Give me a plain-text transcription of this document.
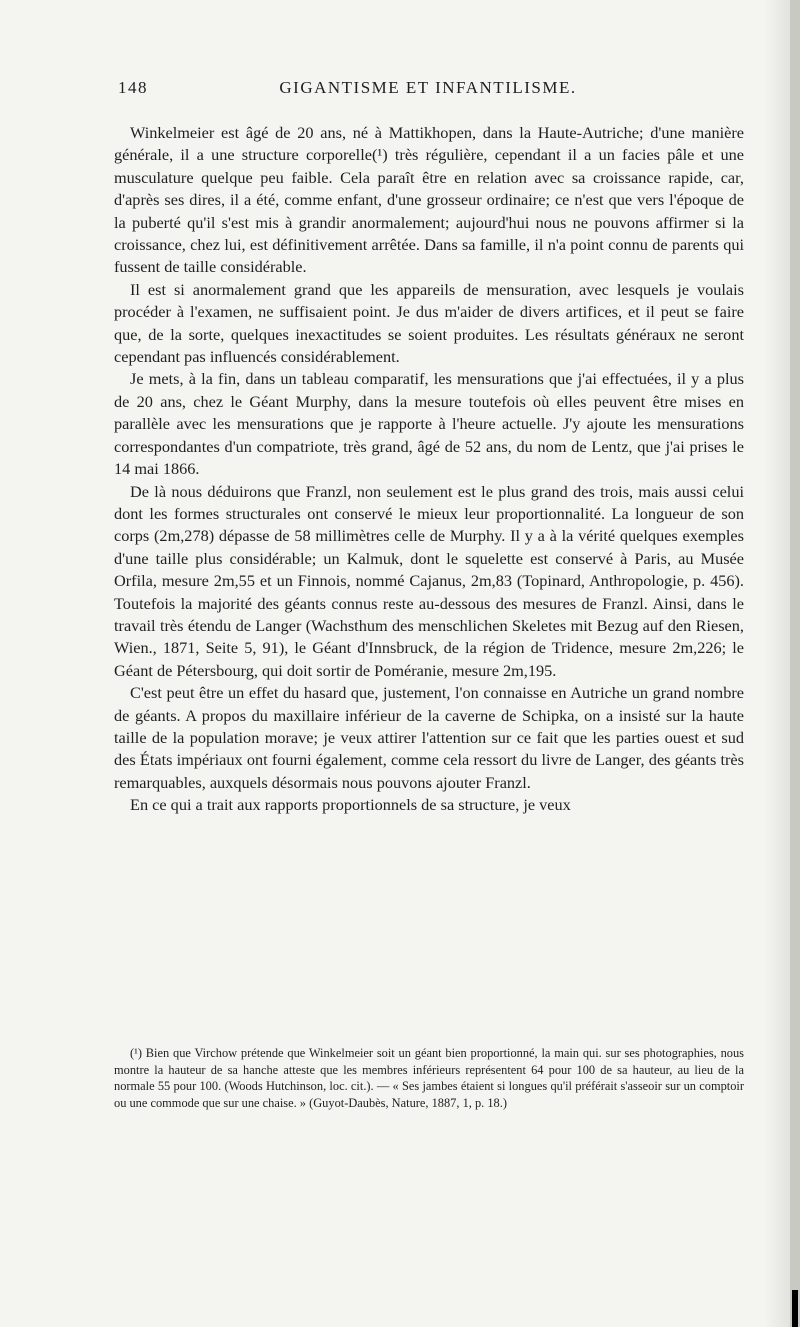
148	GIGANTISME ET INFANTILISME.

Winkelmeier est âgé de 20 ans, né à Mattikhopen, dans la Haute-Autriche; d'une manière générale, il a une structure corporelle(¹) très régulière, cependant il a un facies pâle et une musculature quelque peu faible. Cela paraît être en relation avec sa croissance rapide, car, d'après ses dires, il a été, comme enfant, d'une grosseur ordinaire; ce n'est que vers l'époque de la puberté qu'il s'est mis à grandir anormalement; aujourd'hui nous ne pouvons affirmer si la croissance, chez lui, est définitivement arrêtée. Dans sa famille, il n'a point connu de parents qui fussent de taille considérable.

Il est si anormalement grand que les appareils de mensuration, avec lesquels je voulais procéder à l'examen, ne suffisaient point. Je dus m'aider de divers artifices, et il peut se faire que, de la sorte, quelques inexactitudes se soient produites. Les résultats généraux ne seront cependant pas influencés considérablement.

Je mets, à la fin, dans un tableau comparatif, les mensurations que j'ai effectuées, il y a plus de 20 ans, chez le Géant Murphy, dans la mesure toutefois où elles peuvent être mises en parallèle avec les mensurations que je rapporte à l'heure actuelle. J'y ajoute les mensurations correspondantes d'un compatriote, très grand, âgé de 52 ans, du nom de Lentz, que j'ai prises le 14 mai 1866.

De là nous déduirons que Franzl, non seulement est le plus grand des trois, mais aussi celui dont les formes structurales ont conservé le mieux leur proportionnalité. La longueur de son corps (2m,278) dépasse de 58 millimètres celle de Murphy. Il y a à la vérité quelques exemples d'une taille plus considérable; un Kalmuk, dont le squelette est conservé à Paris, au Musée Orfila, mesure 2m,55 et un Finnois, nommé Cajanus, 2m,83 (Topinard, Anthropologie, p. 456). Toutefois la majorité des géants connus reste au-dessous des mesures de Franzl. Ainsi, dans le travail très étendu de Langer (Wachsthum des menschlichen Skeletes mit Bezug auf den Riesen, Wien., 1871, Seite 5, 91), le Géant d'Innsbruck, de la région de Tridence, mesure 2m,226; le Géant de Pétersbourg, qui doit sortir de Poméranie, mesure 2m,195.

C'est peut être un effet du hasard que, justement, l'on connaisse en Autriche un grand nombre de géants. A propos du maxillaire inférieur de la caverne de Schipka, on a insisté sur la haute taille de la population morave; je veux attirer l'attention sur ce fait que les parties ouest et sud des États impériaux ont fourni également, comme cela ressort du livre de Langer, des géants très remarquables, auxquels désormais nous pouvons ajouter Franzl.

En ce qui a trait aux rapports proportionnels de sa structure, je veux

(¹) Bien que Virchow prétende que Winkelmeier soit un géant bien proportionné, la main qui. sur ses photographies, nous montre la hauteur de sa hanche atteste que les membres inférieurs représentent 64 pour 100 de sa hauteur, au lieu de la normale 55 pour 100. (Woods Hutchinson, loc. cit.). — « Ses jambes étaient si longues qu'il préférait s'asseoir sur un comptoir ou une commode que sur une chaise. » (Guyot-Daubès, Nature, 1887, 1, p. 18.)
